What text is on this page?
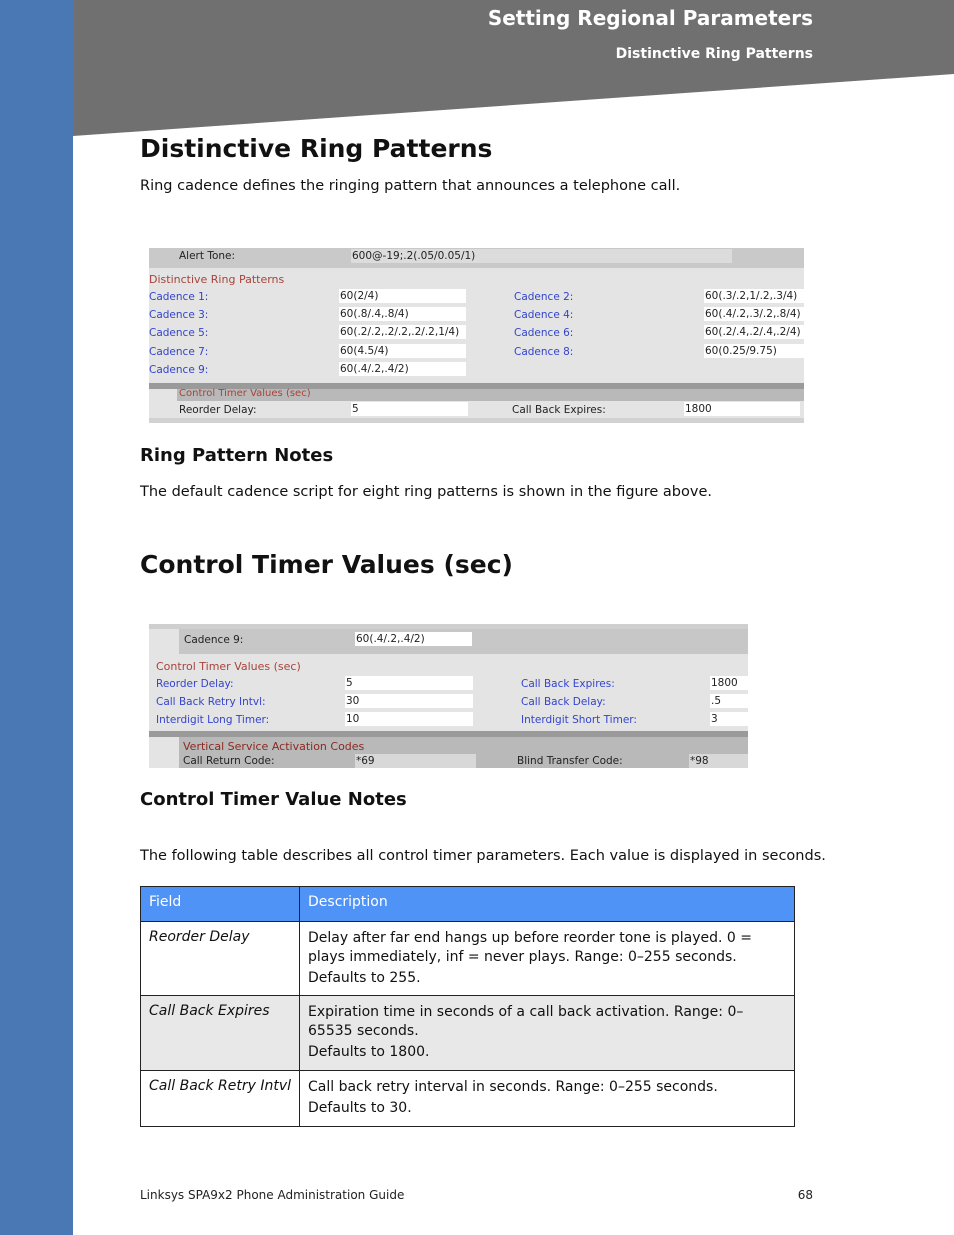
Setting Regional Parameters
Distinctive Ring Patterns
Distinctive Ring Patterns
Ring cadence defines the ringing pattern that announces a telephone call.
Alert Tone:	600@-19;.2(.05/0.05/1)
Distinctive Ring Patterns
Cadence 1:	60(2/4)	Cadence 2:	60(.3/.2,1/.2,.3/4)
Cadence 3:	60(.8/.4,.8/4)	Cadence 4:	60(.4/.2,.3/.2,.8/4)
Cadence 5:	60(.2/.2,.2/.2,.2/.2,1/4)	Cadence 6:	60(.2/.4,.2/.4,.2/4)
Cadence 7:	60(4.5/4)	Cadence 8:	60(0.25/9.75)
Cadence 9:	60(.4/.2,.4/2)
Control Timer Values (sec)
Reorder Delay:	5	Call Back Expires:	1800
Ring Pattern Notes
The default cadence script for eight ring patterns is shown in the figure above.
Control Timer Values (sec)
Cadence 9:	60(.4/.2,.4/2)
Control Timer Values (sec)
Reorder Delay:	5	Call Back Expires:	1800
Call Back Retry Intvl:	30	Call Back Delay:	.5
Interdigit Long Timer:	10	Interdigit Short Timer:	3
Vertical Service Activation Codes
Call Return Code:	*69	Blind Transfer Code:	*98
Control Timer Value Notes
The following table describes all control timer parameters. Each value is displayed in seconds.
Field	Description
Reorder Delay	Delay after far end hangs up before reorder tone is played. 0 = plays immediately, inf = never plays. Range: 0–255 seconds.
Defaults to 255.

Call Back Expires	Expiration time in seconds of a call back activation. Range: 0–65535 seconds.
Defaults to 1800.

Call Back Retry Intvl	Call back retry interval in seconds. Range: 0–255 seconds.
Defaults to 30.
Linksys SPA9x2 Phone Administration Guide	68
